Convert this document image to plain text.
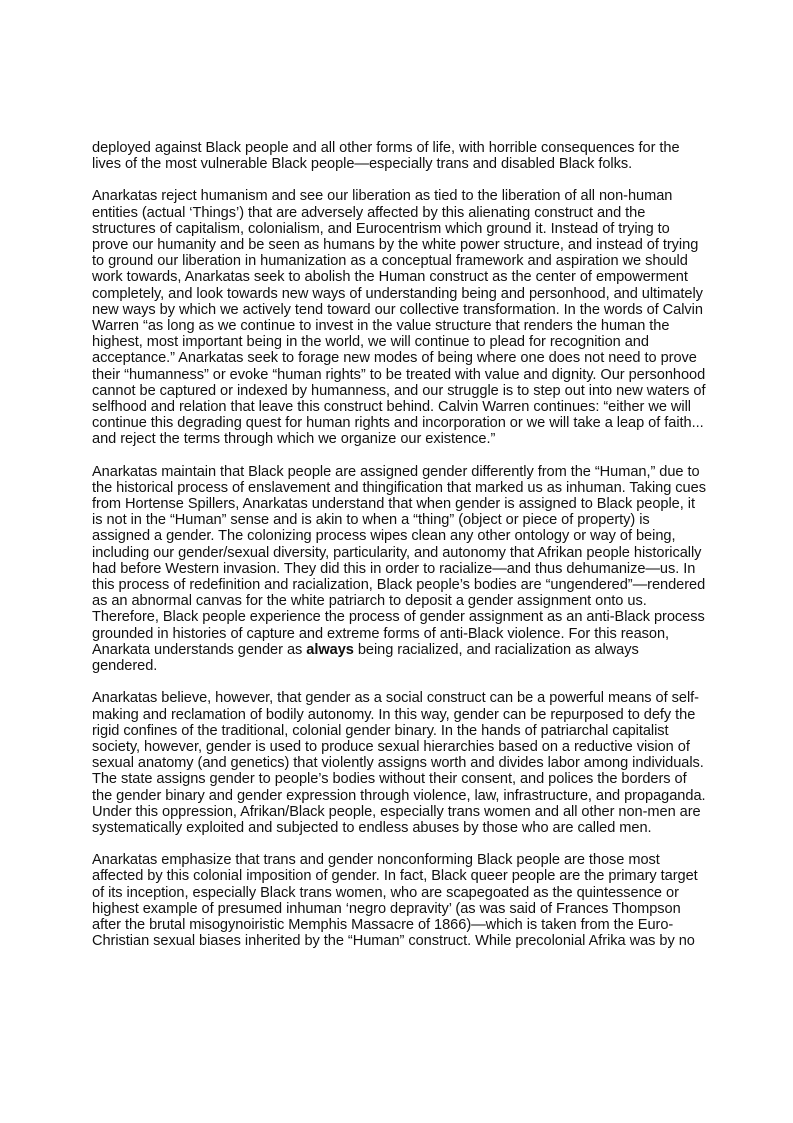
deployed against Black people and all other forms of life, with horrible consequences for the
lives of the most vulnerable Black people—especially trans and disabled Black folks.

Anarkatas reject humanism and see our liberation as tied to the liberation of all non-human
entities (actual ‘Things’) that are adversely affected by this alienating construct and the
structures of capitalism, colonialism, and Eurocentrism which ground it. Instead of trying to
prove our humanity and be seen as humans by the white power structure, and instead of trying
to ground our liberation in humanization as a conceptual framework and aspiration we should
work towards, Anarkatas seek to abolish the Human construct as the center of empowerment
completely, and look towards new ways of understanding being and personhood, and ultimately
new ways by which we actively tend toward our collective transformation. In the words of Calvin
Warren “as long as we continue to invest in the value structure that renders the human the
highest, most important being in the world, we will continue to plead for recognition and
acceptance.” Anarkatas seek to forage new modes of being where one does not need to prove
their “humanness” or evoke “human rights” to be treated with value and dignity. Our personhood
cannot be captured or indexed by humanness, and our struggle is to step out into new waters of
selfhood and relation that leave this construct behind. Calvin Warren continues: “either we will
continue this degrading quest for human rights and incorporation or we will take a leap of faith...
and reject the terms through which we organize our existence.”

Anarkatas maintain that Black people are assigned gender differently from the “Human,” due to
the historical process of enslavement and thingification that marked us as inhuman. Taking cues
from Hortense Spillers, Anarkatas understand that when gender is assigned to Black people, it
is not in the “Human” sense and is akin to when a “thing” (object or piece of property) is
assigned a gender. The colonizing process wipes clean any other ontology or way of being,
including our gender/sexual diversity, particularity, and autonomy that Afrikan people historically
had before Western invasion. They did this in order to racialize—and thus dehumanize—us. In
this process of redefinition and racialization, Black people’s bodies are “ungendered”—rendered
as an abnormal canvas for the white patriarch to deposit a gender assignment onto us.
Therefore, Black people experience the process of gender assignment as an anti-Black process
grounded in histories of capture and extreme forms of anti-Black violence. For this reason,
Anarkata understands gender as always being racialized, and racialization as always
gendered.

Anarkatas believe, however, that gender as a social construct can be a powerful means of self-
making and reclamation of bodily autonomy. In this way, gender can be repurposed to defy the
rigid confines of the traditional, colonial gender binary. In the hands of patriarchal capitalist
society, however, gender is used to produce sexual hierarchies based on a reductive vision of
sexual anatomy (and genetics) that violently assigns worth and divides labor among individuals.
The state assigns gender to people’s bodies without their consent, and polices the borders of
the gender binary and gender expression through violence, law, infrastructure, and propaganda.
Under this oppression, Afrikan/Black people, especially trans women and all other non-men are
systematically exploited and subjected to endless abuses by those who are called men.

Anarkatas emphasize that trans and gender nonconforming Black people are those most
affected by this colonial imposition of gender. In fact, Black queer people are the primary target
of its inception, especially Black trans women, who are scapegoated as the quintessence or
highest example of presumed inhuman ‘negro depravity’ (as was said of Frances Thompson
after the brutal misogynoiristic Memphis Massacre of 1866)—which is taken from the Euro-
Christian sexual biases inherited by the “Human” construct. While precolonial Afrika was by no
